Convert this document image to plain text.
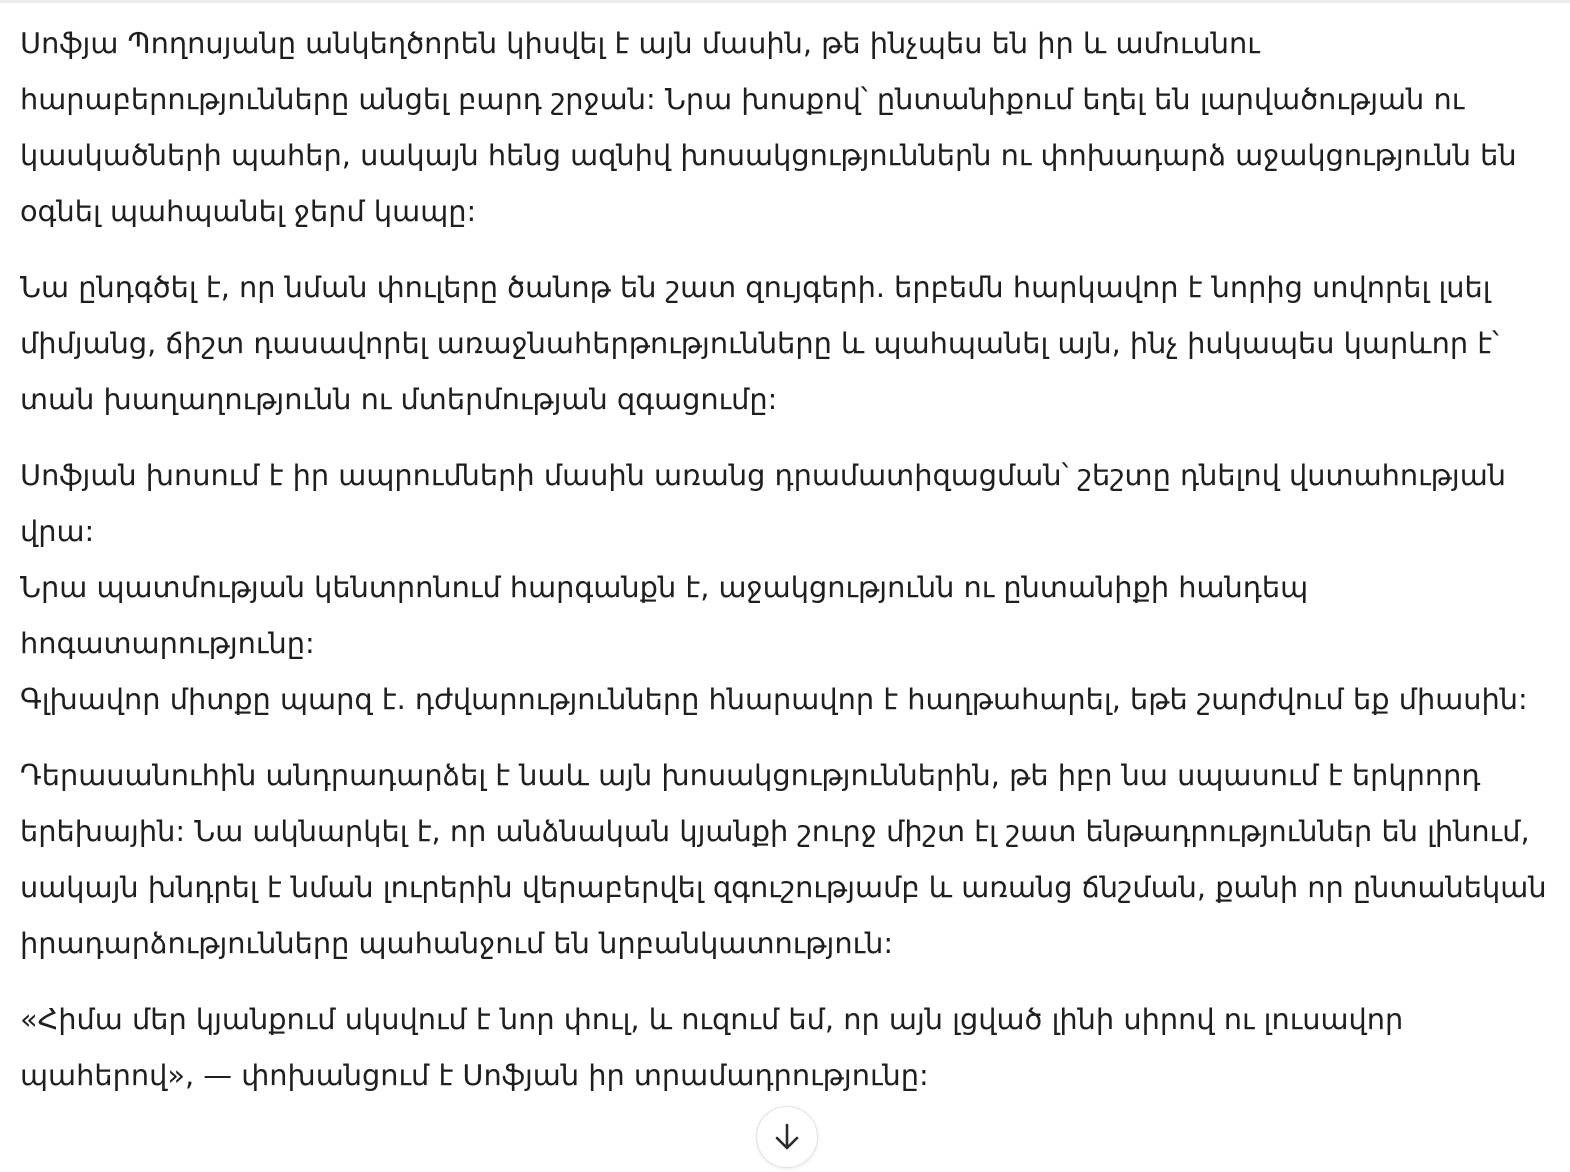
Սոֆյա Պողոսյանը անկեղծորեն կիսվել է այն մասին, թե ինչպես են իր և ամուսնու
հարաբերությունները անցել բարդ շրջան: Նրա խոսքով՝ ընտանիքում եղել են լարվածության ու
կասկածների պահեր, սակայն հենց ազնիվ խոսակցություններն ու փոխադարձ աջակցությունն են
օգնել պահպանել ջերմ կապը:

Նա ընդգծել է, որ նման փուլերը ծանոթ են շատ զույգերի. երբեմն հարկավոր է նորից սովորել լսել
միմյանց, ճիշտ դասավորել առաջնահերթությունները և պահպանել այն, ինչ իսկապես կարևոր է՝
տան խաղաղությունն ու մտերմության զգացումը:

Սոֆյան խոսում է իր ապրումների մասին առանց դրամատիզացման՝ շեշտը դնելով վստահության
վրա:
Նրա պատմության կենտրոնում հարգանքն է, աջակցությունն ու ընտանիքի հանդեպ
հոգատարությունը:
Գլխավոր միտքը պարզ է. դժվարությունները հնարավոր է հաղթահարել, եթե շարժվում եք միասին:

Դերասանուհին անդրադարձել է նաև այն խոսակցություններին, թե իբր նա սպասում է երկրորդ
երեխային: Նա ակնարկել է, որ անձնական կյանքի շուրջ միշտ էլ շատ ենթադրություններ են լինում,
սակայն խնդրել է նման լուրերին վերաբերվել զգուշությամբ և առանց ճնշման, քանի որ ընտանեկան
իրադարձությունները պահանջում են նրբանկատություն:

«Հիմա մեր կյանքում սկսվում է նոր փուլ, և ուզում եմ, որ այն լցված լինի սիրով ու լուսավոր
պահերով», — փոխանցում է Սոֆյան իր տրամադրությունը:
